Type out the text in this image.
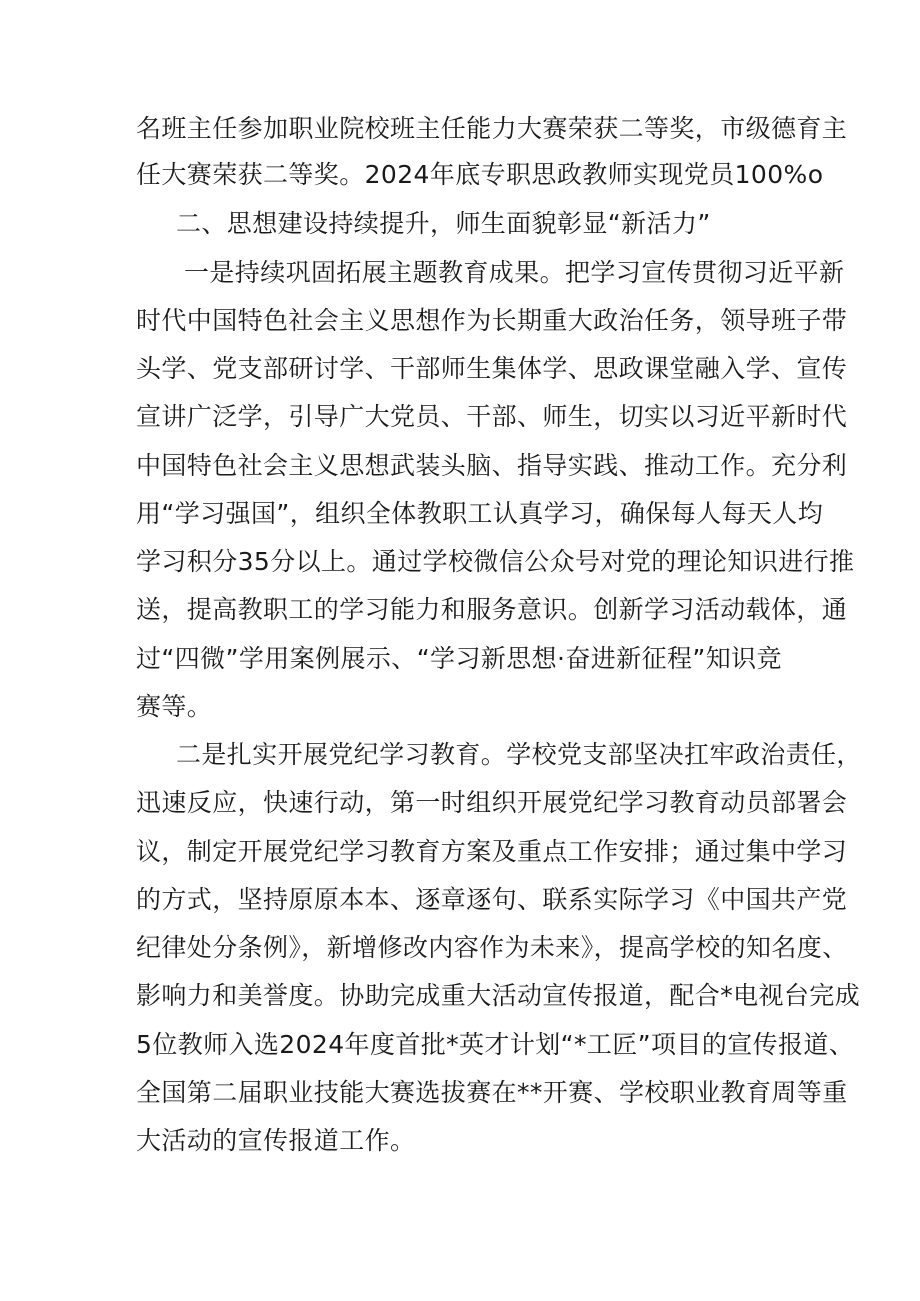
名班主任参加职业院校班主任能力大赛荣获二等奖，市级德育主
任大赛荣获二等奖。2024年底专职思政教师实现党员100%o
二、思想建设持续提升，师生面貌彰显“新活力”
一是持续巩固拓展主题教育成果。把学习宣传贯彻习近平新
时代中国特色社会主义思想作为长期重大政治任务，领导班子带
头学、党支部研讨学、干部师生集体学、思政课堂融入学、宣传
宣讲广泛学，引导广大党员、干部、师生，切实以习近平新时代
中国特色社会主义思想武装头脑、指导实践、推动工作。充分利
用“学习强国”，组织全体教职工认真学习，确保每人每天人均
学习积分35分以上。通过学校微信公众号对党的理论知识进行推
送，提高教职工的学习能力和服务意识。创新学习活动载体，通
过“四微”学用案例展示、“学习新思想·奋进新征程”知识竞
赛等。
二是扎实开展党纪学习教育。学校党支部坚决扛牢政治责任，
迅速反应，快速行动，第一时组织开展党纪学习教育动员部署会
议，制定开展党纪学习教育方案及重点工作安排；通过集中学习
的方式，坚持原原本本、逐章逐句、联系实际学习《中国共产党
纪律处分条例》，新增修改内容作为未来》，提高学校的知名度、
影响力和美誉度。协助完成重大活动宣传报道，配合*电视台完成
5位教师入选2024年度首批*英才计划“*工匠”项目的宣传报道、
全国第二届职业技能大赛选拔赛在**开赛、学校职业教育周等重
大活动的宣传报道工作。
